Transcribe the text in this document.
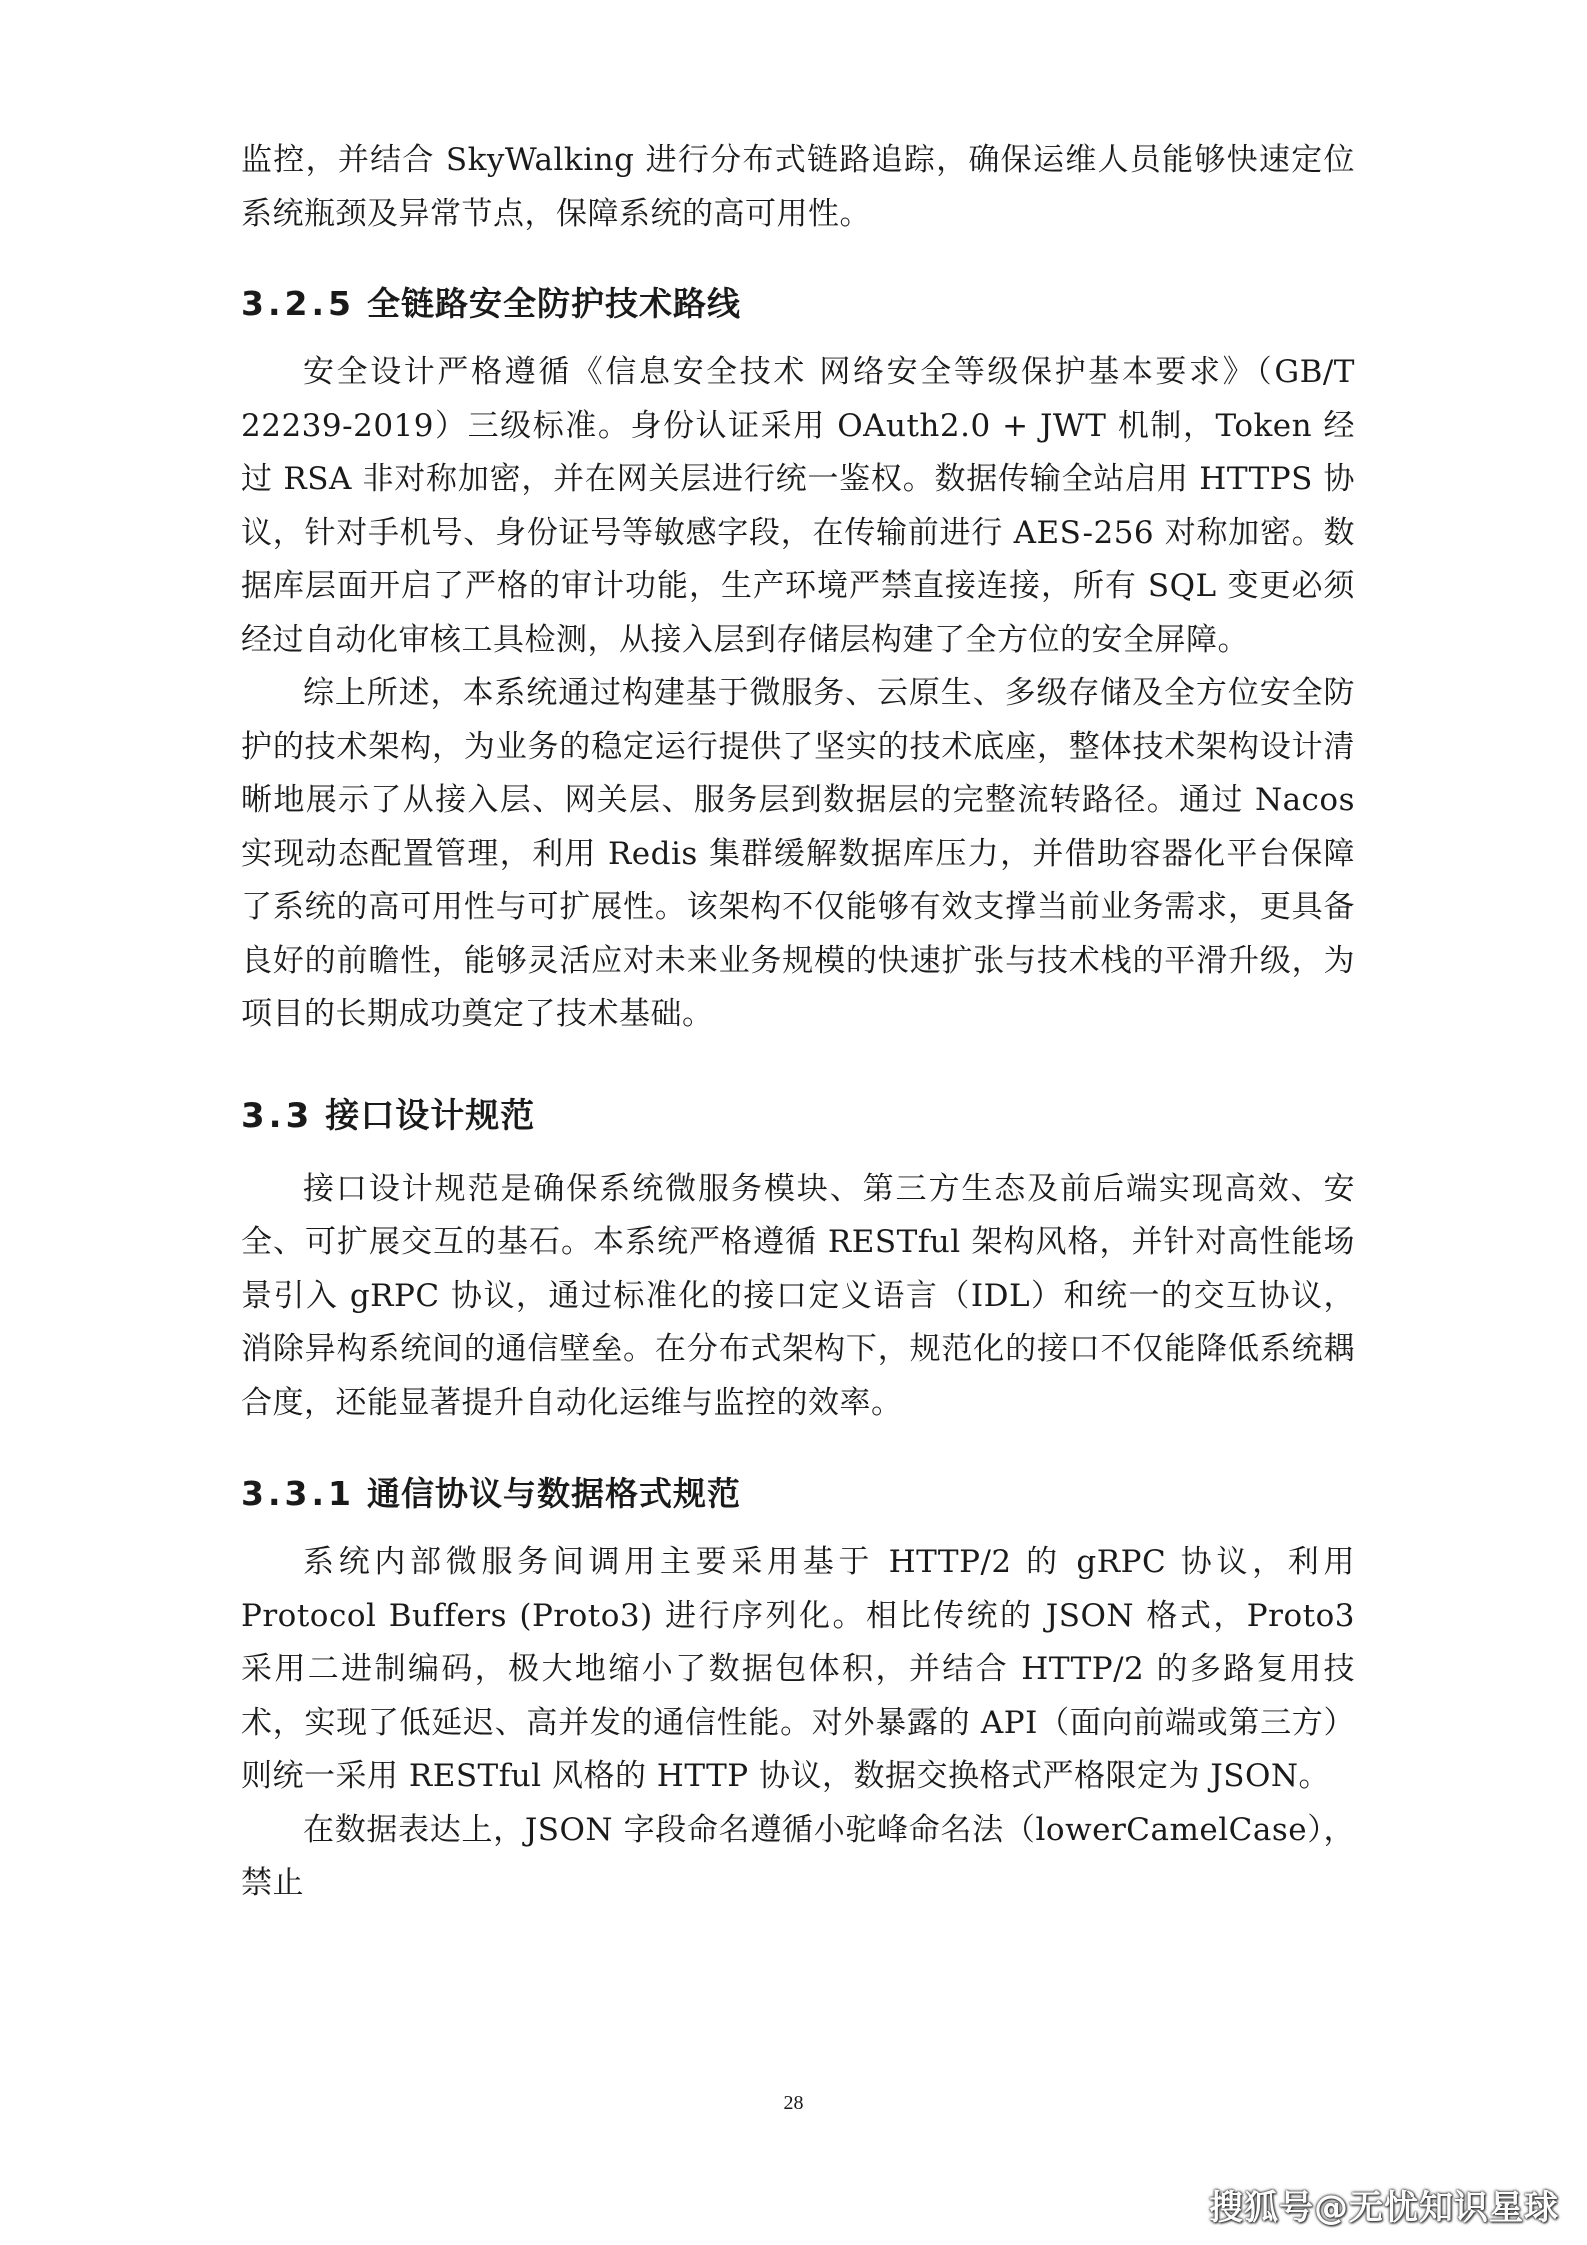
监控，并结合 SkyWalking 进行分布式链路追踪，确保运维人员能够快速定位系统瓶颈及异常节点，保障系统的高可用性。

3.2.5 全链路安全防护技术路线

安全设计严格遵循《信息安全技术 网络安全等级保护基本要求》（GB/T 22239-2019）三级标准。身份认证采用 OAuth2.0 + JWT 机制，Token 经过 RSA 非对称加密，并在网关层进行统一鉴权。数据传输全站启用 HTTPS 协议，针对手机号、身份证号等敏感字段，在传输前进行 AES-256 对称加密。数据库层面开启了严格的审计功能，生产环境严禁直接连接，所有 SQL 变更必须经过自动化审核工具检测，从接入层到存储层构建了全方位的安全屏障。

综上所述，本系统通过构建基于微服务、云原生、多级存储及全方位安全防护的技术架构，为业务的稳定运行提供了坚实的技术底座，整体技术架构设计清晰地展示了从接入层、网关层、服务层到数据层的完整流转路径。通过 Nacos 实现动态配置管理，利用 Redis 集群缓解数据库压力，并借助容器化平台保障了系统的高可用性与可扩展性。该架构不仅能够有效支撑当前业务需求，更具备良好的前瞻性，能够灵活应对未来业务规模的快速扩张与技术栈的平滑升级，为项目的长期成功奠定了技术基础。

3.3 接口设计规范

接口设计规范是确保系统微服务模块、第三方生态及前后端实现高效、安全、可扩展交互的基石。本系统严格遵循 RESTful 架构风格，并针对高性能场景引入 gRPC 协议，通过标准化的接口定义语言（IDL）和统一的交互协议，消除异构系统间的通信壁垒。在分布式架构下，规范化的接口不仅能降低系统耦合度，还能显著提升自动化运维与监控的效率。

3.3.1 通信协议与数据格式规范

系统内部微服务间调用主要采用基于 HTTP/2 的 gRPC 协议，利用 Protocol Buffers (Proto3) 进行序列化。相比传统的 JSON 格式，Proto3 采用二进制编码，极大地缩小了数据包体积，并结合 HTTP/2 的多路复用技术，实现了低延迟、高并发的通信性能。对外暴露的 API（面向前端或第三方）则统一采用 RESTful 风格的 HTTP 协议，数据交换格式严格限定为 JSON。

在数据表达上，JSON 字段命名遵循小驼峰命名法（lowerCamelCase），禁止

28
搜狐号@无忧知识星球
